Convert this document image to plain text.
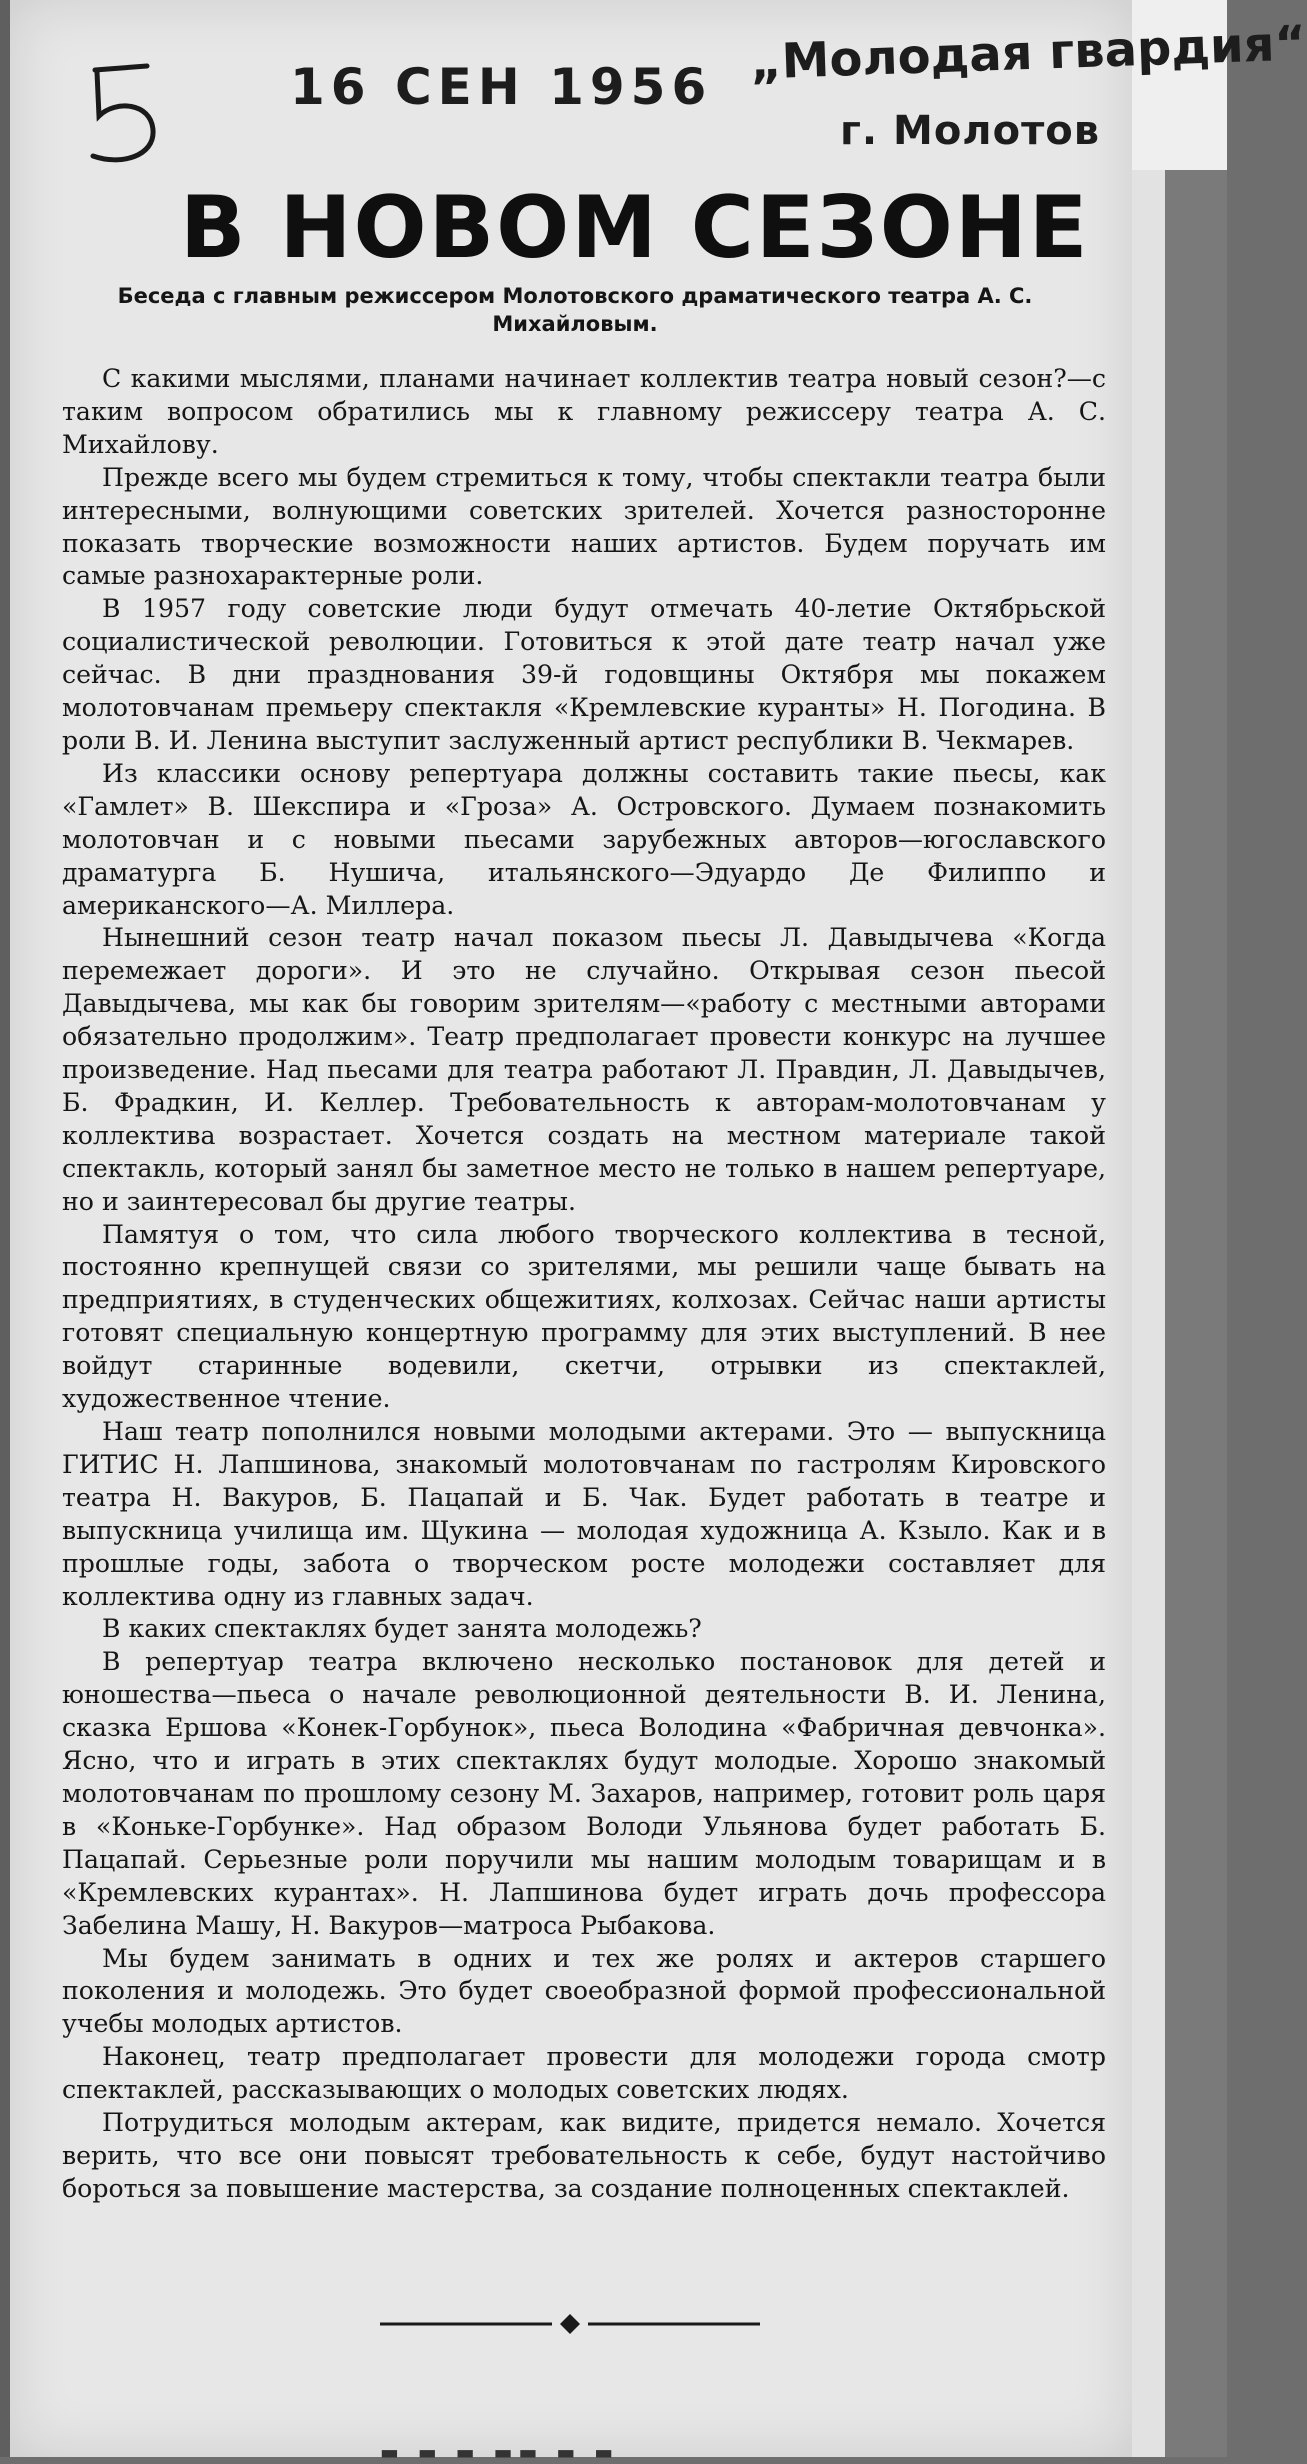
16 СЕН 1956 „Молодая гвардия“
г. Молотов
В НОВОМ СЕЗОНЕ
Беседа с главным режиссером Молотовского драматического театра А. С. Михайловым.

С какими мыслями, планами начинает коллектив театра новый сезон?—с таким вопросом обратились мы к главному режиссеру театра А. С. Михайлову.

Прежде всего мы будем стремиться к тому, чтобы спектакли театра были интересными, волнующими советских зрителей. Хочется разносторонне показать творческие возможности наших артистов. Будем поручать им самые разнохарактерные роли.

В 1957 году советские люди будут отмечать 40-летие Октябрьской социалистической революции. Готовиться к этой дате театр начал уже сейчас. В дни празднования 39-й годовщины Октября мы покажем молотовчанам премьеру спектакля «Кремлевские куранты» Н. Погодина. В роли В. И. Ленина выступит заслуженный артист республики В. Чекмарев.

Из классики основу репертуара должны составить такие пьесы, как «Гамлет» В. Шекспира и «Гроза» А. Островского. Думаем познакомить молотовчан и с новыми пьесами зарубежных авторов—югославского драматурга Б. Нушича, итальянского—Эдуардо Де Филиппо и американского—А. Миллера.

Нынешний сезон театр начал показом пьесы Л. Давыдычева «Когда перемежает дороги». И это не случайно. Открывая сезон пьесой Давыдычева, мы как бы говорим зрителям—«работу с местными авторами обязательно продолжим». Театр предполагает провести конкурс на лучшее произведение. Над пьесами для театра работают Л. Правдин, Л. Давыдычев, Б. Фрадкин, И. Келлер. Требовательность к авторам-молотовчанам у коллектива возрастает. Хочется создать на местном материале такой спектакль, который занял бы заметное место не только в нашем репертуаре, но и заинтересовал бы другие театры.

Памятуя о том, что сила любого творческого коллектива в тесной, постоянно крепнущей связи со зрителями, мы решили чаще бывать на предприятиях, в студенческих общежитиях, колхозах. Сейчас наши артисты готовят специальную концертную программу для этих выступлений. В нее войдут старинные водевили, скетчи, отрывки из спектаклей, художественное чтение.

Наш театр пополнился новыми молодыми актерами. Это — выпускница ГИТИС Н. Лапшинова, знакомый молотовчанам по гастролям Кировского театра Н. Вакуров, Б. Пацапай и Б. Чак. Будет работать в театре и выпускница училища им. Щукина — молодая художница А. Кзыло. Как и в прошлые годы, забота о творческом росте молодежи составляет для коллектива одну из главных задач.

В каких спектаклях будет занята молодежь?

В репертуар театра включено несколько постановок для детей и юношества—пьеса о начале революционной деятельности В. И. Ленина, сказка Ершова «Конек-Горбунок», пьеса Володина «Фабричная девчонка». Ясно, что и играть в этих спектаклях будут молодые. Хорошо знакомый молотовчанам по прошлому сезону М. Захаров, например, готовит роль царя в «Коньке-Горбунке». Над образом Володи Ульянова будет работать Б. Пацапай. Серьезные роли поручили мы нашим молодым товарищам и в «Кремлевских курантах». Н. Лапшинова будет играть дочь профессора Забелина Машу, Н. Вакуров—матроса Рыбакова.

Мы будем занимать в одних и тех же ролях и актеров старшего поколения и молодежь. Это будет своеобразной формой профессиональной учебы молодых артистов.

Наконец, театр предполагает провести для молодежи города смотр спектаклей, рассказывающих о молодых советских людях.

Потрудиться молодым актерам, как видите, придется немало. Хочется верить, что все они повысят требовательность к себе, будут настойчиво бороться за повышение мастерства, за создание полноценных спектаклей.

▬ ▬ ▬ ▬▬ ▬ ▬
